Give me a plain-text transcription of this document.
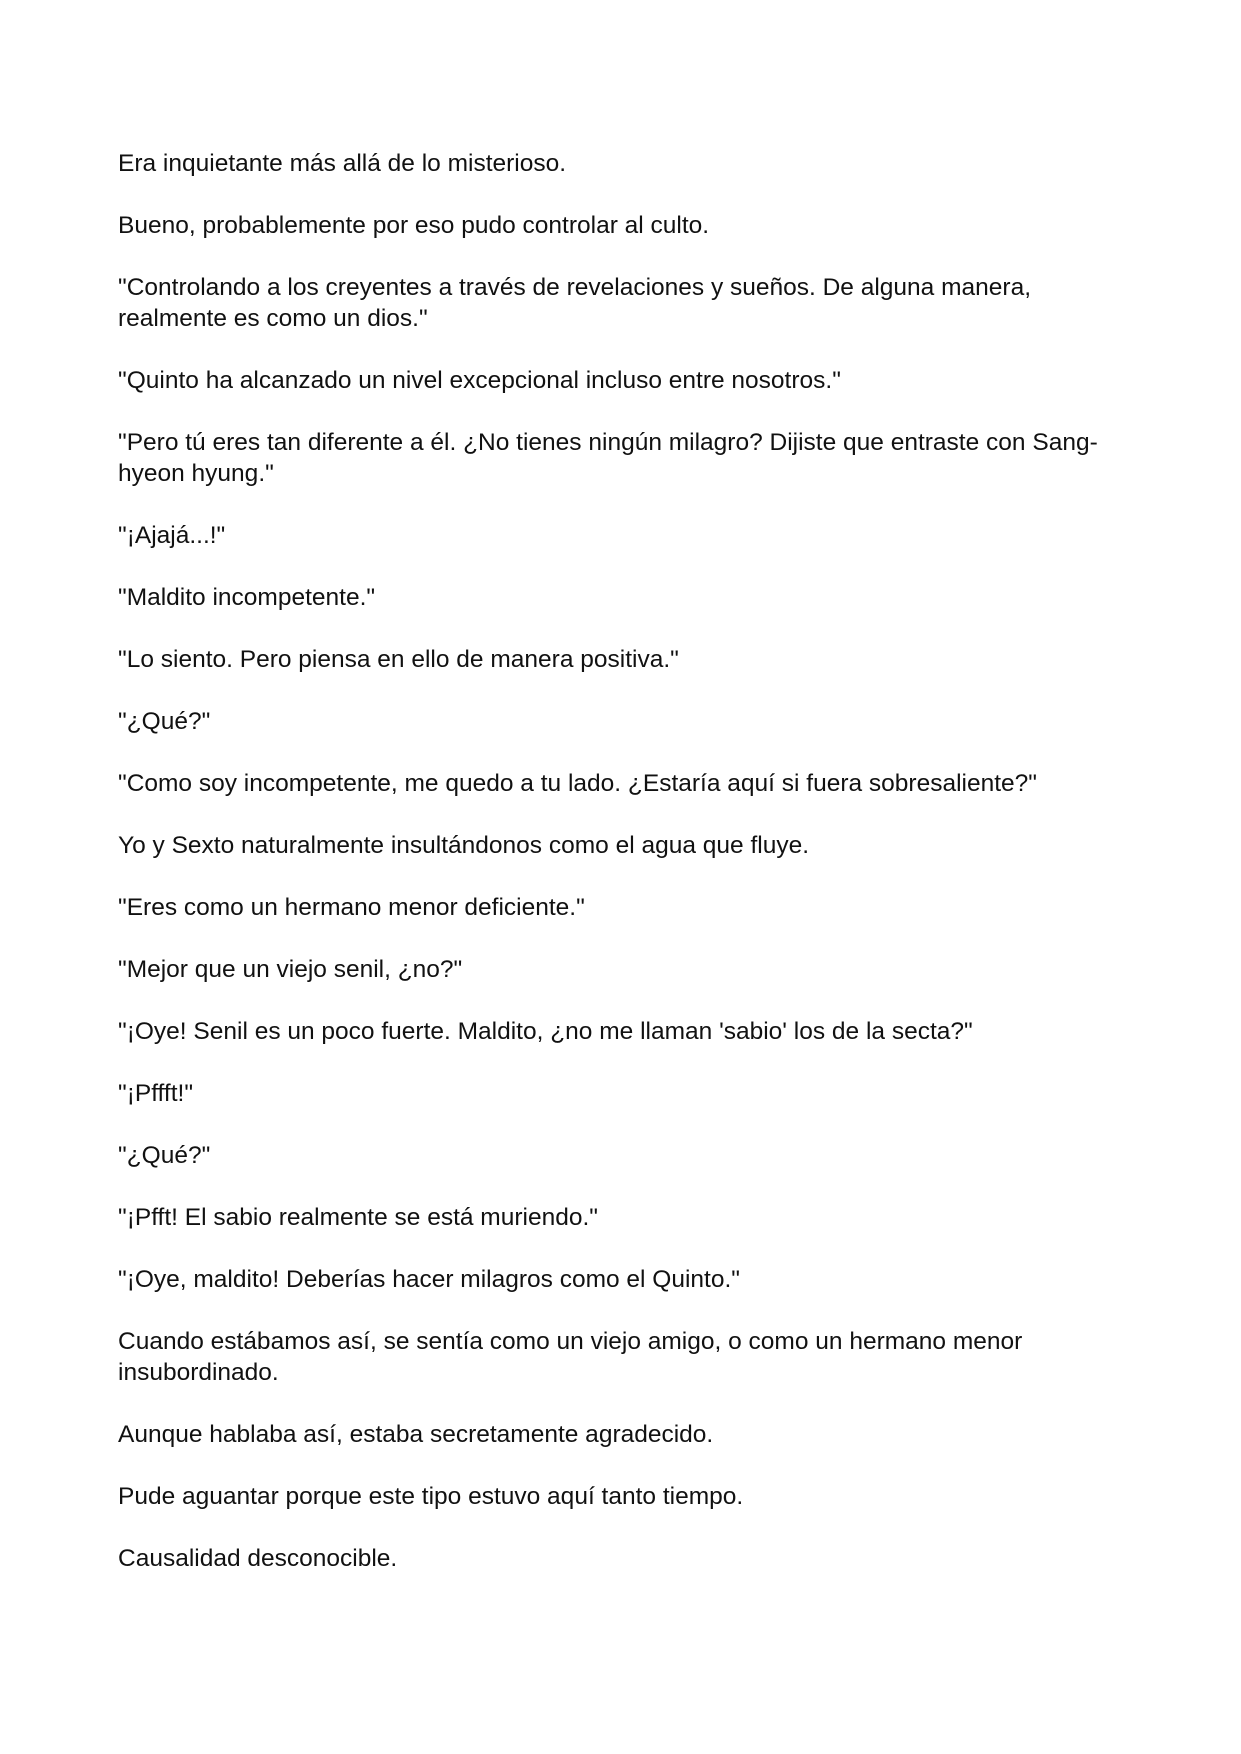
Era inquietante más allá de lo misterioso.

Bueno, probablemente por eso pudo controlar al culto.

"Controlando a los creyentes a través de revelaciones y sueños. De alguna manera, realmente es como un dios."

"Quinto ha alcanzado un nivel excepcional incluso entre nosotros."

"Pero tú eres tan diferente a él. ¿No tienes ningún milagro? Dijiste que entraste con Sang-hyeon hyung."

"¡Ajajá...!"

"Maldito incompetente."

"Lo siento. Pero piensa en ello de manera positiva."

"¿Qué?"

"Como soy incompetente, me quedo a tu lado. ¿Estaría aquí si fuera sobresaliente?"

Yo y Sexto naturalmente insultándonos como el agua que fluye.

"Eres como un hermano menor deficiente."

"Mejor que un viejo senil, ¿no?"

"¡Oye! Senil es un poco fuerte. Maldito, ¿no me llaman 'sabio' los de la secta?"

"¡Pffft!"

"¿Qué?"

"¡Pfft! El sabio realmente se está muriendo."

"¡Oye, maldito! Deberías hacer milagros como el Quinto."

Cuando estábamos así, se sentía como un viejo amigo, o como un hermano menor insubordinado.

Aunque hablaba así, estaba secretamente agradecido.

Pude aguantar porque este tipo estuvo aquí tanto tiempo.

Causalidad desconocible.
